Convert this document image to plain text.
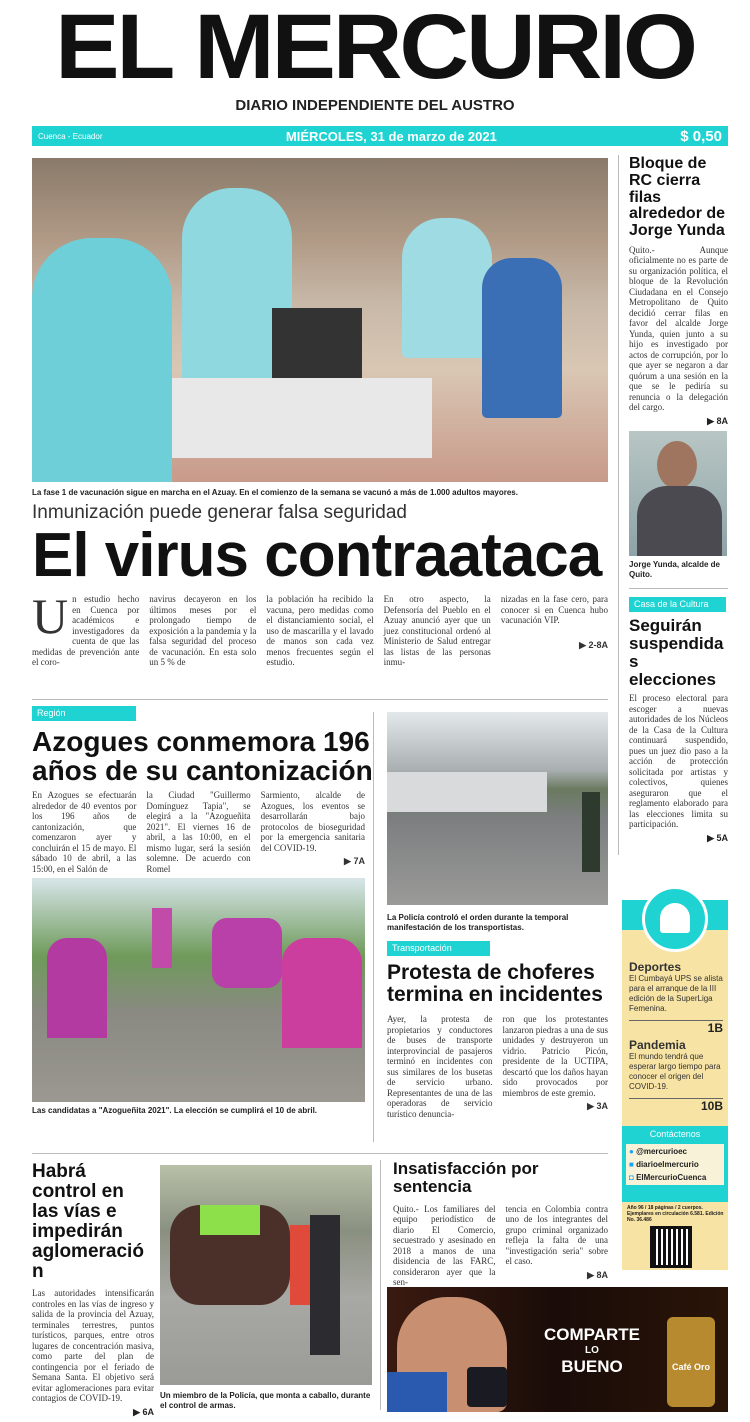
EL MERCURIO
DIARIO INDEPENDIENTE DEL AUSTRO
Cuenca - Ecuador	MIÉRCOLES, 31 de marzo de 2021	$ 0,50
La fase 1 de vacunación sigue en marcha en el Azuay. En el comienzo de la semana se vacunó a más de 1.000 adultos mayores.
Inmunización puede generar falsa seguridad
El virus contraataca
Un estudio hecho en Cuenca por académicos e investigadores da cuenta de que las medidas de prevención ante el coro-
navirus decayeron en los últimos meses por el prolongado tiempo de exposición a la pandemia y la falsa seguridad del proceso de vacunación. En esta solo un 5 % de
la población ha recibido la vacuna, pero medidas como el distanciamiento social, el uso de mascarilla y el lavado de manos son cada vez menos frecuentes según el estudio.
En otro aspecto, la Defensoría del Pueblo en el Azuay anunció ayer que un juez constitucional ordenó al Ministerio de Salud entregar las listas de las personas inmu-
nizadas en la fase cero, para conocer si en Cuenca hubo vacunación VIP.
▶ 2-8A
Bloque de RC cierra filas alrededor de Jorge Yunda
Quito.- Aunque oficialmente no es parte de su organización política, el bloque de la Revolución Ciudadana en el Consejo Metropolitano de Quito decidió cerrar filas en favor del alcalde Jorge Yunda, quien junto a su hijo es investigado por actos de corrupción, por lo que ayer se negaron a dar quórum a una sesión en la que se le pediría su renuncia o la delegación del cargo.
▶ 8A
Jorge Yunda, alcalde de Quito.
Casa de la Cultura
Seguirán suspendidas elecciones
El proceso electoral para escoger a nuevas autoridades de los Núcleos de la Casa de la Cultura continuará suspendido, pues un juez dio paso a la acción de protección solicitada por artistas y colectivos, quienes aseguraron que el reglamento elaborado para las elecciones limita su participación.
▶ 5A
Región
Azogues conmemora 196 años de su cantonización
En Azogues se efectuarán alrededor de 40 eventos por los 196 años de cantonización, que comenzaron ayer y concluirán el 15 de mayo. El sábado 10 de abril, a las 15:00, en el Salón de
la Ciudad "Guillermo Domínguez Tapia", se elegirá a la "Azogueñita 2021". El viernes 16 de abril, a las 10:00, en el mismo lugar, será la sesión solemne. De acuerdo con Romel
Sarmiento, alcalde de Azogues, los eventos se desarrollarán bajo protocolos de bioseguridad por la emergencia sanitaria del COVID-19.
▶ 7A
Las candidatas a "Azogueñita 2021". La elección se cumplirá el 10 de abril.
La Policía controló el orden durante la temporal manifestación de los transportistas.
Transportación
Protesta de choferes termina en incidentes
Ayer, la protesta de propietarios y conductores de buses de transporte interprovincial de pasajeros terminó en incidentes con sus similares de los busetas de servicio urbano. Representantes de una de las operadoras de servicio turístico denuncia-
ron que los protestantes lanzaron piedras a una de sus unidades y destruyeron un vidrio. Patricio Picón, presidente de la UCTIPA, descartó que los daños hayan sido provocados por miembros de este gremio.
▶ 3A
Habrá control en las vías e impedirán aglomeración
Las autoridades intensificarán controles en las vías de ingreso y salida de la provincia del Azuay, terminales terrestres, puntos turísticos, parques, entre otros lugares de concentración masiva, como parte del plan de contingencia por el feriado de Semana Santa. El objetivo será evitar aglomeraciones para evitar contagios de COVID-19.
▶ 6A
Un miembro de la Policía, que monta a caballo, durante el control de armas.
Insatisfacción por sentencia
Quito.- Los familiares del equipo periodístico de diario El Comercio, secuestrado y asesinado en 2018 a manos de una disidencia de las FARC, consideraron ayer que la sen-
tencia en Colombia contra uno de los integrantes del grupo criminal organizado refleja la falta de una "investigación seria" sobre el caso.
▶ 8A
COMPARTE
LO
BUENO	Café Oro
Deportes
El Cumbayá UPS se alista para el arranque de la III edición de la SuperLiga Femenina.
1B
Pandemia
El mundo tendrá que esperar largo tiempo para conocer el origen del COVID-19.
10B
Contáctenos
● @mercurioec
■ diarioelmercurio
◘ ElMercurioCuenca
Año 96 / 18 páginas / 2 cuerpos. Ejemplares en circulación 6.581. Edición No. 36.486
